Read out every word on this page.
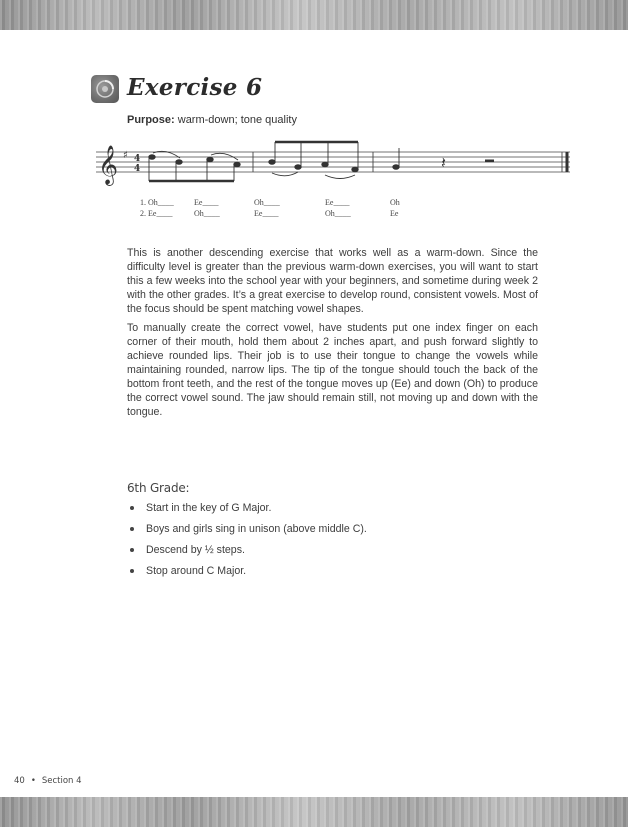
Exercise 6
Purpose: warm-down; tone quality
𝄞 ♯ 4
4	𝄽
1. Oh____	Ee____	Oh____	Ee____	Oh
2. Ee____	Oh____	Ee____	Oh____	Ee

This is another descending exercise that works well as a warm-down. Since the difficulty level is greater than the previous warm-down exercises, you will want to start this a few weeks into the school year with your beginners, and sometime during week 2 with the other grades. It’s a great exercise to develop round, consistent vowels. Most of the focus should be spent matching vowel shapes.

To manually create the correct vowel, have students put one index finger on each corner of their mouth, hold them about 2 inches apart, and push forward slightly to achieve rounded lips. Their job is to use their tongue to change the vowels while maintaining rounded, narrow lips. The tip of the tongue should touch the back of the bottom front teeth, and the rest of the tongue moves up (Ee) and down (Oh) to produce the correct vowel sound. The jaw should remain still, not moving up and down with the tongue.

6th Grade:
Start in the key of G Major.
Boys and girls sing in unison (above middle C).
Descend by ½ steps.
Stop around C Major.
40 • Section 4
